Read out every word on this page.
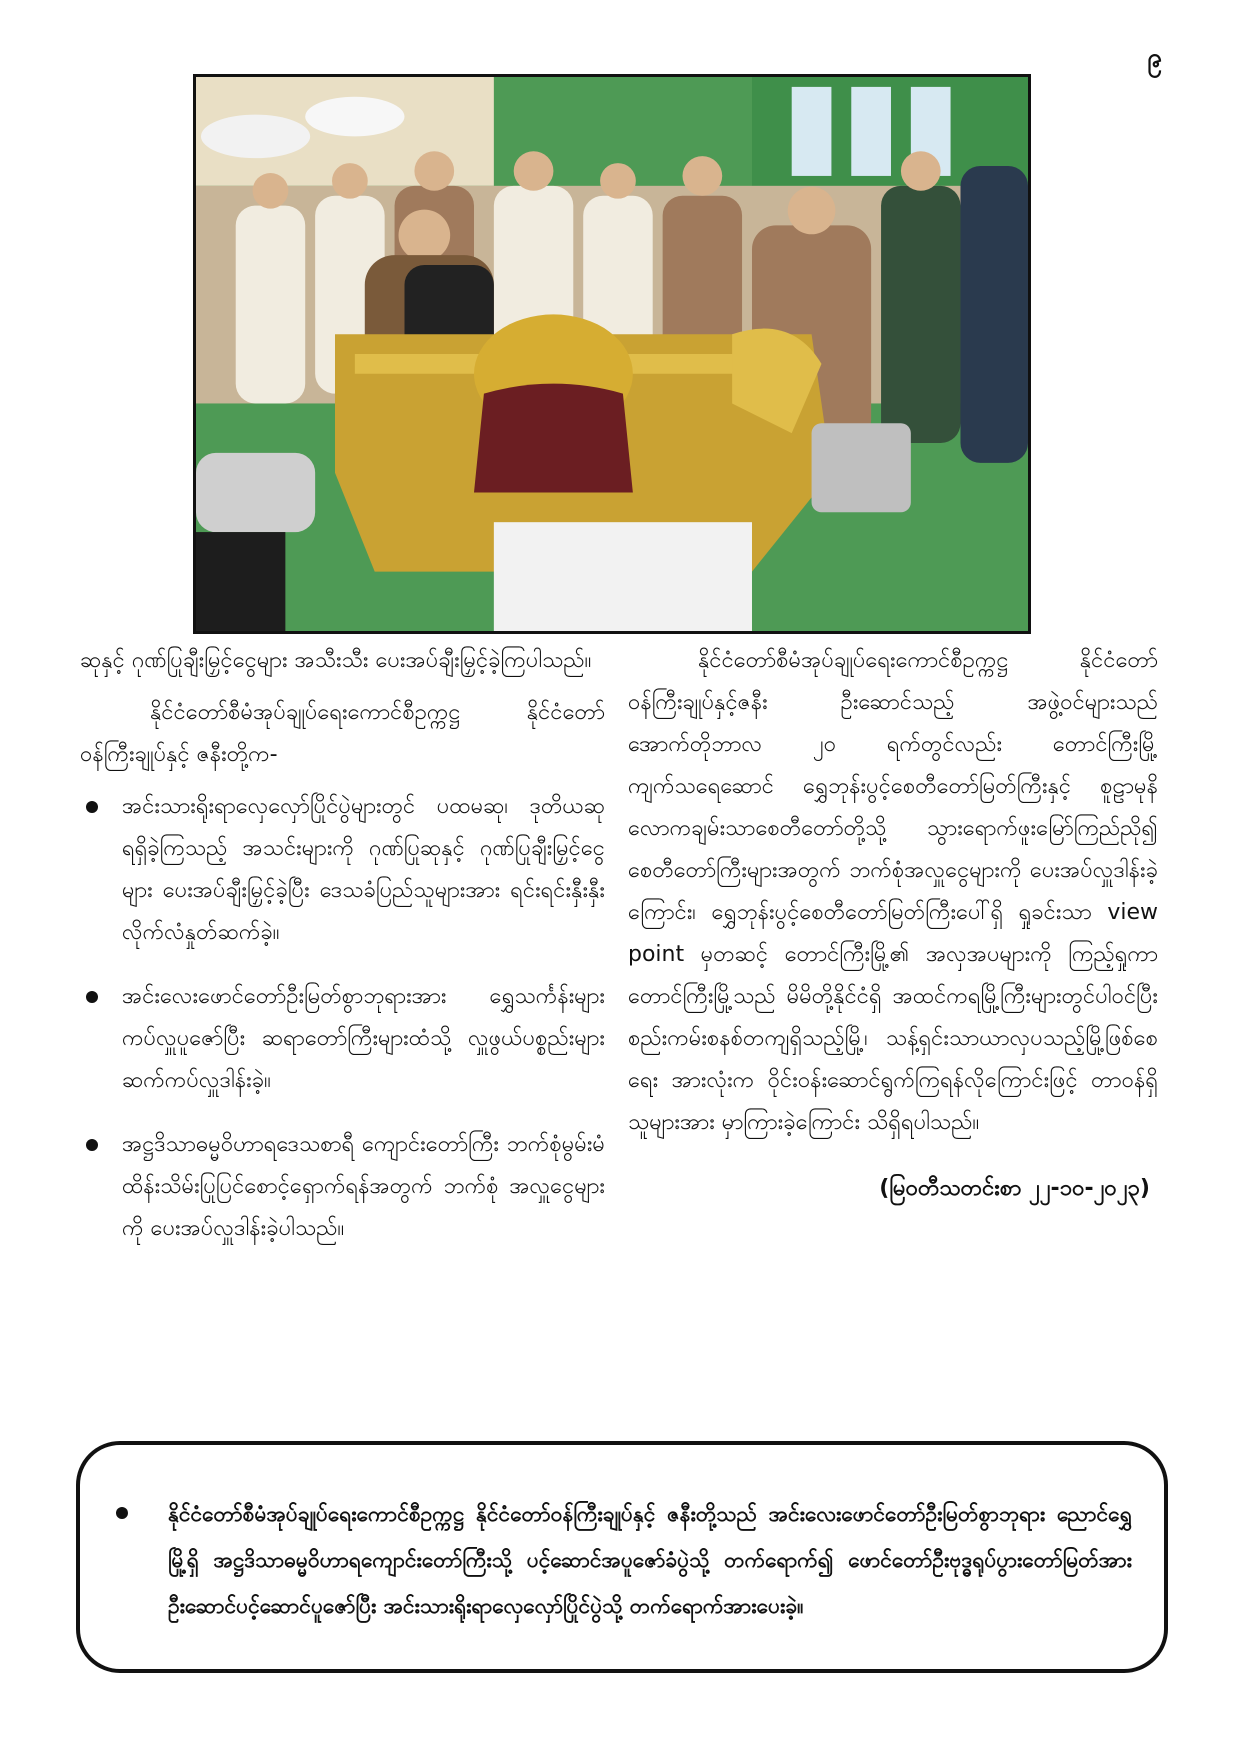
၉

ဆုနှင့် ဂုဏ်ပြုချီးမြှင့်ငွေများ အသီးသီး ပေးအပ်ချီးမြှင့်ခဲ့ကြပါသည်။

နိုင်ငံတော်စီမံအုပ်ချုပ်ရေးကောင်စီဥက္ကဋ္ဌ နိုင်ငံတော်ဝန်ကြီးချုပ်နှင့် ဇနီးတို့က-

အင်းသားရိုးရာလှေလှော်ပြိုင်ပွဲများတွင် ပထမဆု၊ ဒုတိယဆု ရရှိခဲ့ကြသည့် အသင်းများကို ဂုဏ်ပြုဆုနှင့် ဂုဏ်ပြုချီးမြှင့်ငွေများ ပေးအပ်ချီးမြှင့်ခဲ့ပြီး ဒေသခံပြည်သူများအား ရင်းရင်းနှီးနှီး လိုက်လံနှုတ်ဆက်ခဲ့။
အင်းလေးဖောင်တော်ဦးမြတ်စွာဘုရားအား ရွှေသင်္ကန်းများကပ်လှူပူဇော်ပြီး ဆရာတော်ကြီးများထံသို့ လှူဖွယ်ပစ္စည်းများ ဆက်ကပ်လှူဒါန်းခဲ့။
အဋ္ဌဒိသာဓမ္မဝိဟာရဒေသစာရီ ကျောင်းတော်ကြီး ဘက်စုံမွမ်းမံထိန်းသိမ်းပြုပြင်စောင့်ရှောက်ရန်အတွက် ဘက်စုံ အလှူငွေများကို ပေးအပ်လှူဒါန်းခဲ့ပါသည်။

နိုင်ငံတော်စီမံအုပ်ချုပ်ရေးကောင်စီဥက္ကဋ္ဌ နိုင်ငံတော်ဝန်ကြီးချုပ်နှင့်ဇနီး ဦးဆောင်သည့် အဖွဲ့ဝင်များသည် အောက်တိုဘာလ ၂၀ ရက်တွင်လည်း တောင်ကြီးမြို့ ကျက်သရေဆောင် ရွှေဘုန်းပွင့်စေတီတော်မြတ်ကြီးနှင့် စူဠာမုနိလောကချမ်းသာစေတီတော်တို့သို့ သွားရောက်ဖူးမြော်ကြည်ညို၍ စေတီတော်ကြီးများအတွက် ဘက်စုံအလှူငွေများကို ပေးအပ်လှူဒါန်းခဲ့ကြောင်း၊ ရွှေဘုန်းပွင့်စေတီတော်မြတ်ကြီးပေါ်ရှိ ရှုခင်းသာ view point မှတဆင့် တောင်ကြီးမြို့၏ အလှအပများကို ကြည့်ရှုကာ တောင်ကြီးမြို့သည် မိမိတို့နိုင်ငံရှိ အထင်ကရမြို့ကြီးများတွင်ပါဝင်ပြီး စည်းကမ်းစနစ်တကျရှိသည့်မြို့၊ သန့်ရှင်းသာယာလှပသည့်မြို့ဖြစ်စေရေး အားလုံးက ဝိုင်းဝန်းဆောင်ရွက်ကြရန်လိုကြောင်းဖြင့် တာဝန်ရှိသူများအား မှာကြားခဲ့ကြောင်း သိရှိရပါသည်။

(မြဝတီသတင်းစာ ၂၂-၁၀-၂၀၂၃)

နိုင်ငံတော်စီမံအုပ်ချုပ်ရေးကောင်စီဥက္ကဋ္ဌ နိုင်ငံတော်ဝန်ကြီးချုပ်နှင့် ဇနီးတို့သည် အင်းလေးဖောင်တော်ဦးမြတ်စွာဘုရား ညောင်ရွှေမြို့ရှိ အဋ္ဌဒိသာဓမ္မဝိဟာရကျောင်းတော်ကြီးသို့ ပင့်ဆောင်အပူဇော်ခံပွဲသို့ တက်ရောက်၍ ဖောင်တော်ဦးဗုဒ္ဓရုပ်ပွားတော်မြတ်အား ဦးဆောင်ပင့်ဆောင်ပူဇော်ပြီး အင်းသားရိုးရာလှေလှော်ပြိုင်ပွဲသို့ တက်ရောက်အားပေးခဲ့။
